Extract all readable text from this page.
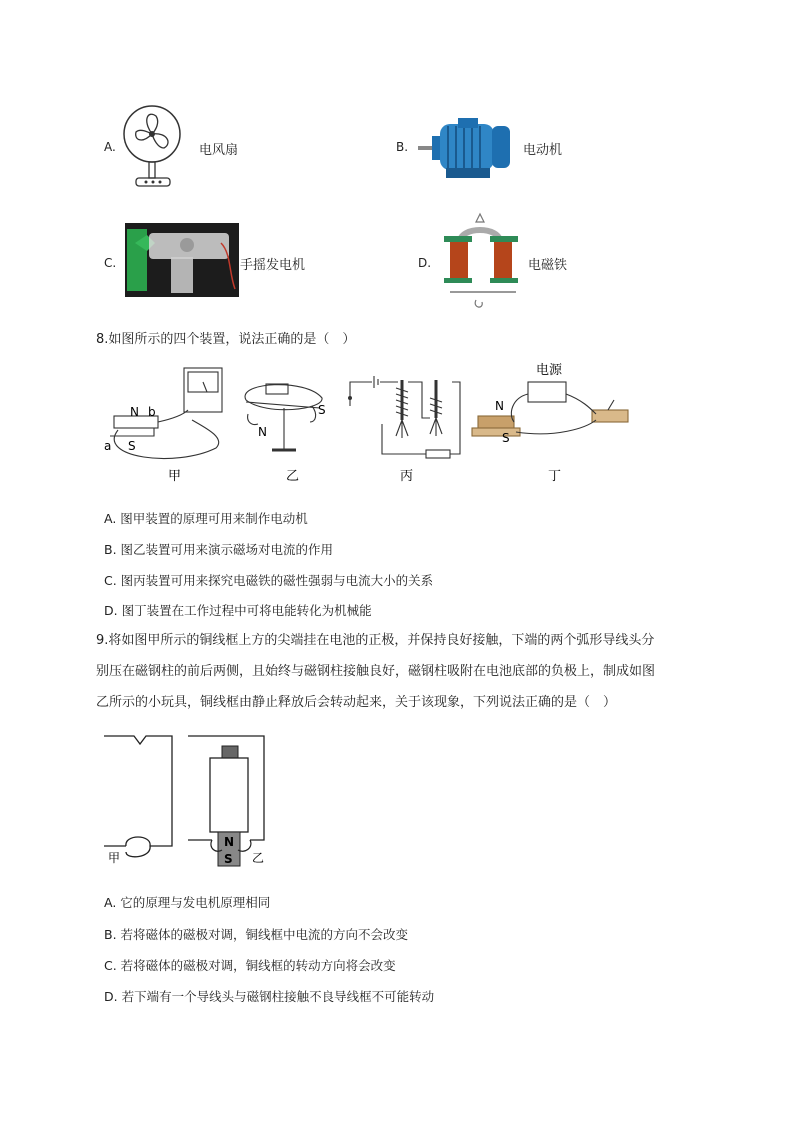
A.	电风扇	B.	电动机
C.	手摇发电机	D.	电磁铁
8.如图所示的四个装置，说法正确的是（　）
N b
a S
甲
N
S
乙	丙
电源
N
S
丁
A. 图甲装置的原理可用来制作电动机
B. 图乙装置可用来演示磁场对电流的作用
C. 图丙装置可用来探究电磁铁的磁性强弱与电流大小的关系
D. 图丁装置在工作过程中可将电能转化为机械能
9.将如图甲所示的铜线框上方的尖端挂在电池的正极，并保持良好接触，下端的两个弧形导线头分
别压在磁钢柱的前后两侧，且始终与磁钢柱接触良好，磁钢柱吸附在电池底部的负极上，制成如图
乙所示的小玩具，铜线框由静止释放后会转动起来，关于该现象，下列说法正确的是（　）
甲
N
S 乙
A. 它的原理与发电机原理相同
B. 若将磁体的磁极对调，铜线框中电流的方向不会改变
C. 若将磁体的磁极对调，铜线框的转动方向将会改变
D. 若下端有一个导线头与磁钢柱接触不良导线框不可能转动
